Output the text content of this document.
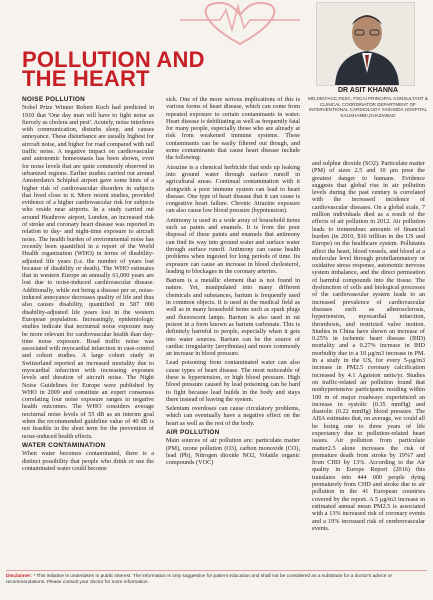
POLLUTION AND
THE HEART	DR ASIT KHANNA
MD,DM,FACC,FESC, FSCAI PRINCIPAL CONSULTANT & CLINICAL COORDINATOR DEPARTMENT OF INTERVENTIONAL CARDIOLOGY YASHODA HOSPITAL KAUSHAMBI,GHAZIABAD
NOISE POLLUTION

Nobel Prize Winner Robert Koch had predicted in 1910 that 'One day man will have to fight noise as fiercely as cholera and pest'. Acutely, noise interferes with communication, disturbs sleep, and causes annoyance. These disturbance are usually highest for aircraft noise, and higher for road compared with rail traffic noise. A negative impact on cardiovascular and autonomic homeostasis has been shown, even for noise levels that are quite commonly observed in urbanized regions. Earlier studies carried out around Amsterdam's Schiphol airport gave some hints of a higher risk of cardiovascular disorders in subjects that lived close to it. More recent studies, provided evidence of a higher cardiovascular risk for subjects who reside near airports. In a study carried out around Heathrow airport, London, an increased risk of stroke and coronary heart disease was reported in relation to day- and night-time exposure to aircraft noise. The health burden of environmental noise has recently been quantified in a report of the World Health organization (WHO) in terms of disability-adjusted life years (i.e. the number of years lost because of disability or death). The WHO estimates that in western Europe an annually 61,000 years are lost due to noise-induced cardiovascular disease. Additionally, while not being a disease per se, noise-induced annoyance decreases quality of life and thus also causes disability, quantified in 587 000 disability-adjusted life years lost in the western European population. Increasingly, epidemiologic studies indicate that nocturnal noise exposure may be more relevant for cardiovascular health than day-time noise exposure. Road traffic noise was associated with myocardial infarction in case-control and cohort studies. A large cohort study in Switzerland reported an increased mortality due to myocardial infarction with increasing exposure levels and duration of aircraft noise. The Night Noise Guidelines for Europe were published by WHO in 2009 and constitute an expert consensus correlating four noise exposure ranges to negative health outcomes. The WHO considers average nocturnal noise levels of 55 dB as an interim goal when the recommended guideline value of 40 dB is not feasible in the short term for the prevention of noise-induced health effects.

WATER CONTAMINATION

When water becomes contaminated, there is a distinct possibility that people who drink or use the contaminated water could become

sick. One of the more serious implications of this is various forms of heart disease, which can come from repeated exposure to certain contaminants in water. Heart disease is debilitating as well as frequently fatal for many people, especially those who are already at risk from weakened immune systems. These contaminants can be easily filtered out though, and some contaminants that cause heart disease include the following:

Atrazine is a chemical herbicide that ends up leaking into ground water through surface runoff in agricultural areas. Continual contamination with it alongwith a poor immune system can lead to heart disease. One type of heart disease that it can cause is congestive heart failure. Chronic Atrazine exposure can also cause low blood pressure (hypotension).

Antimony is used in a wide array of household items such as paints and enamels. It is from the poor disposal of these paints and enamels that antimony can find its way into ground water and surface water through surface runoff. Antimony can cause health problems when ingested for long periods of time. Its exposure can cause an increase in blood cholesterol, leading to blockages in the coronary arteries.

Barium is a metallic element that is not found in nature. Yet, manipulated into many different chemicals and substances, barium is frequently used in common objects. It is used in the medical field as well as in many household items such as spark plugs and fluorescent lamps. Barium is also used in rat poison in a form known as barium carbonate. This is definitely harmful to people, especially when it gets into water sources. Barium can be the source of cardiac irregularity (arrythmias) and more commonly an increase in blood pressure.

Lead poisoning from contaminated water can also cause types of heart disease. The most noticeable of these is hypertension, or high blood pressure. High blood pressure caused by lead poisoning can be hard to fight because lead builds in the body and stays there instead of leaving the system.

Selenium overdoses can cause circulatory problems, which can eventually have a negative effect on the heart as well as the rest of the body.

AIR POLLUTION

Main sources of air pollution are: particulate matter (PM), ozone pollution (O3), carbon monoxide (CO), lead (Pb), Nitrogen dioxide NO2, Volatile organic compounds (VOC)

and sulphur dioxide (SO2). Particulate matter (PM) of sizes 2.5 and 10 μm pose the greatest danger to humans. Evidence suggests that global rise in air pollution levels during the past century is correlated with the increased incidence of cardiovascular diseases. On a global scale, 7 million individuals died as a result of the effects of air pollution in 2012. Air pollution leads to tremendous amounts of financial burden (in 2010, $16 trillion in the US and Europe) on the healthcare system. Pollutants affect the heart, blood vessels, and blood at a molecular level through proinflammatory or oxidative stress response, autonomic nervous system imbalance, and the direct permeation of harmful compounds into the tissue. The dysfunction of cells and biological processes of the cardiovascular system leads to an increased prevalence of cardiovascular diseases such as atherosclerosis, hypertension, myocardial infarction, thrombosis, and restricted valve motion. Studies in China have shown an increase of 0.25% in ischemic heart disease (IHD) mortality and a 0.27% increase in IHD morbidity due to a 10 μg/m3 increase in PM. In a study in the US, for every 5-μg/m3 increase in PM2.5 coronary calcification increased by 4.1 Agatston units/yr. Studies on traffic-related air pollution found that nonhypertensive participants residing within 100 m of major roadways experienced an increase in systolic (0.35 mmHg) and diastolic (0.22 mmHg) blood pressure. The AHA estimates that, on average, we could all be losing one to three years of life expectancy due to pollution-related heart issues. Air pollution from particulate matter2.5 alone increases the risk of premature death from stroke by 19%7 and from CHD by 13%. According to the Air quality in Europe Report (2016) this translates into 444 000 people dying prematurely from CHD and stroke due to air pollution in the 41 European countries covered by the report. A 5 μg/m3 increase in estimated annual mean PM2.5 is associated with a 13% increased risk of coronary events and a 19% increased risk of cerebrovascular events.

Disclaimer: * This initiative is undertaken in public interest. The information is only suggestive for patient education and shall not be considered as a substitute for a doctor's advice or recommendations. Please consult your doctor for more information.
